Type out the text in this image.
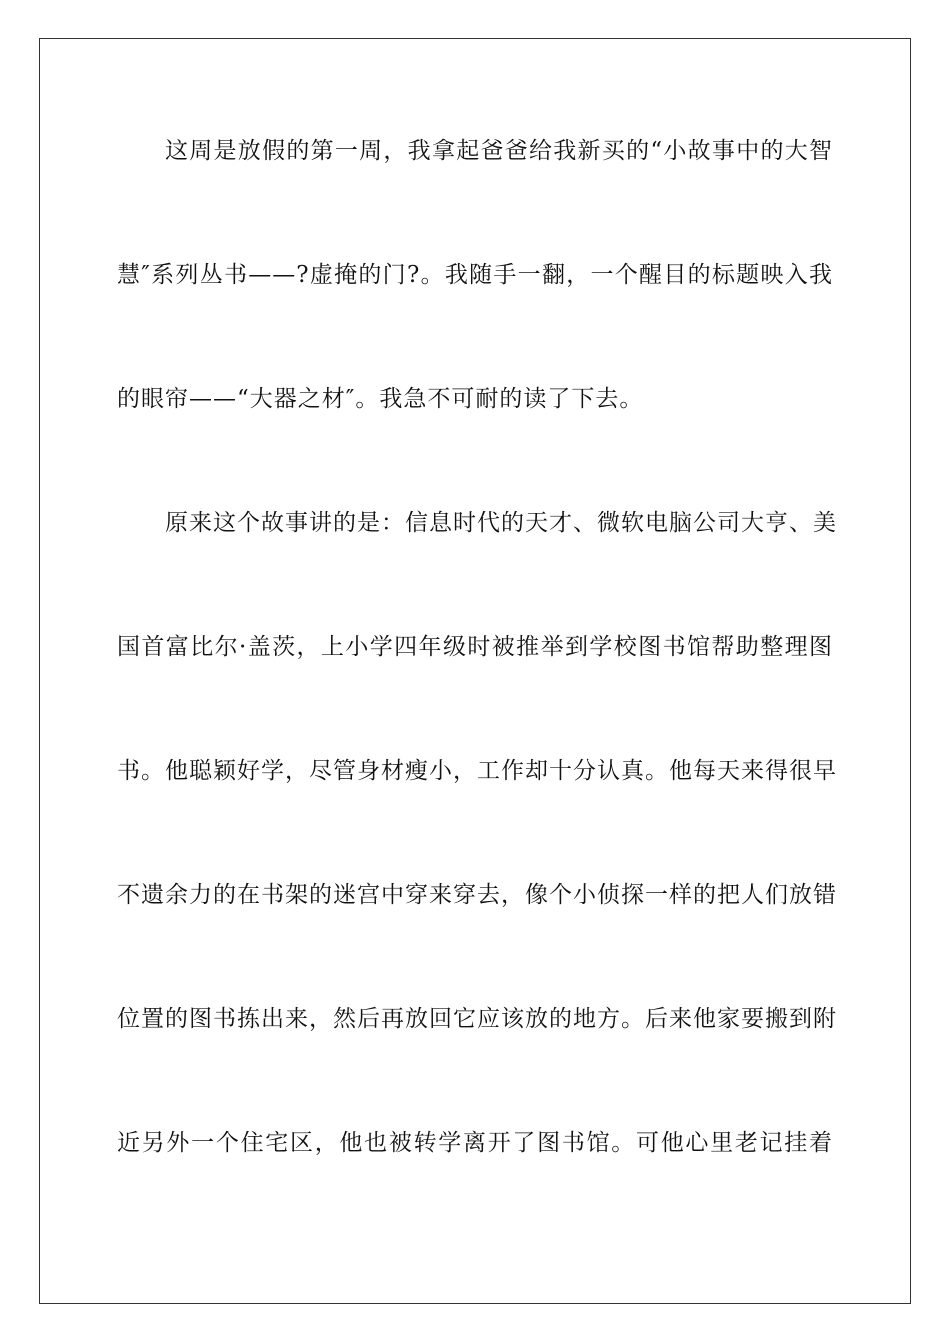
这周是放假的第一周，我拿起爸爸给我新买的“小故事中的大智
慧″系列丛书——?虚掩的门?。我随手一翻，一个醒目的标题映入我
的眼帘——“大器之材″。我急不可耐的读了下去。
原来这个故事讲的是：信息时代的天才、微软电脑公司大亨、美
国首富比尔·盖茨，上小学四年级时被推举到学校图书馆帮助整理图
书。他聪颖好学，尽管身材瘦小，工作却十分认真。他每天来得很早
不遗余力的在书架的迷宫中穿来穿去，像个小侦探一样的把人们放错
位置的图书拣出来，然后再放回它应该放的地方。后来他家要搬到附
近另外一个住宅区，他也被转学离开了图书馆。可他心里老记挂着
